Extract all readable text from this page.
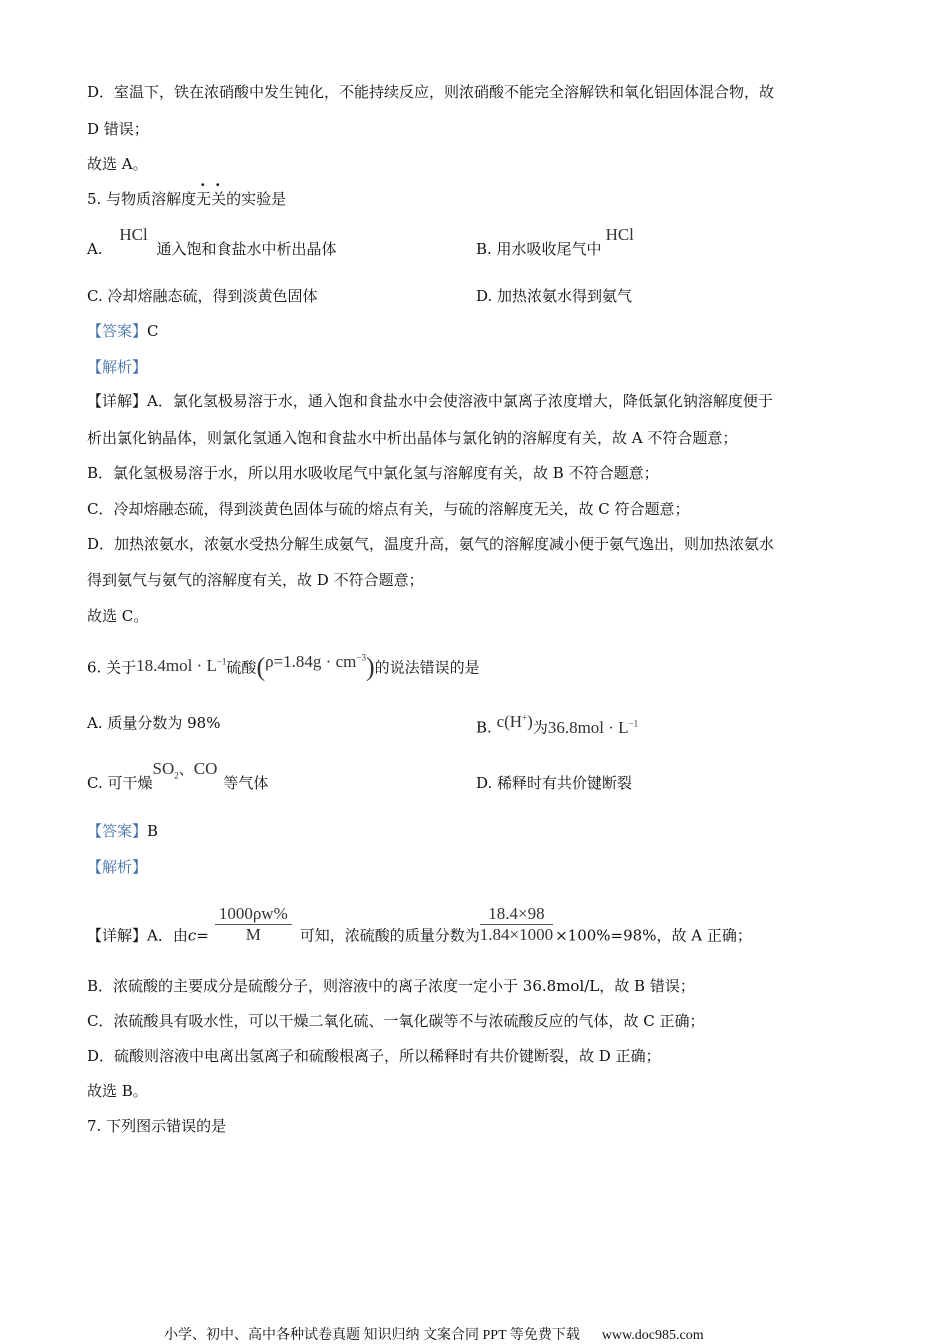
D．室温下，铁在浓硝酸中发生钝化，不能持续反应，则浓硝酸不能完全溶解铁和氧化铝固体混合物，故
D 错误；
故选 A。
5. 与物质溶解度无关的实验是
A. HCl 通入饱和食盐水中析出晶体	B. 用水吸收尾气中HCl
C. 冷却熔融态硫，得到淡黄色固体	D. 加热浓氨水得到氨气
【答案】C
【解析】
【详解】A．氯化氢极易溶于水，通入饱和食盐水中会使溶液中氯离子浓度增大，降低氯化钠溶解度便于
析出氯化钠晶体，则氯化氢通入饱和食盐水中析出晶体与氯化钠的溶解度有关，故 A 不符合题意；
B．氯化氢极易溶于水，所以用水吸收尾气中氯化氢与溶解度有关，故 B 不符合题意；
C．冷却熔融态硫，得到淡黄色固体与硫的熔点有关，与硫的溶解度无关，故 C 符合题意；
D．加热浓氨水，浓氨水受热分解生成氨气，温度升高，氨气的溶解度减小便于氨气逸出，则加热浓氨水
得到氨气与氨气的溶解度有关，故 D 不符合题意；
故选 C。
6. 关于$18.4mol \cdot L^{-1}$硫酸$(\rho=1.84g \cdot cm^{-3})$的说法错误的是
A. 质量分数为 98%	B. c(H+)为$36.8mol \cdot L^{-1}$
C. 可干燥$SO_2$、CO等气体	D. 稀释时有共价键断裂
【答案】B
【解析】
【详解】A．由$c= \frac{1000\rho w\%}{M}$ 可知，浓硫酸的质量分数为 $\frac{18.4\times 98}{1.84\times 1000} \times 100\%=98\%$，故 A 正确；
B．浓硫酸的主要成分是硫酸分子，则溶液中的离子浓度一定小于 36.8mol/L，故 B 错误；
C．浓硫酸具有吸水性，可以干燥二氧化硫、一氧化碳等不与浓硫酸反应的气体，故 C 正确；
D．硫酸则溶液中电离出氢离子和硫酸根离子，所以稀释时有共价键断裂，故 D 正确；
故选 B。
7. 下列图示错误的是
小学、初中、高中各种试卷真题 知识归纳 文案合同 PPT 等免费下载 www.doc985.com
